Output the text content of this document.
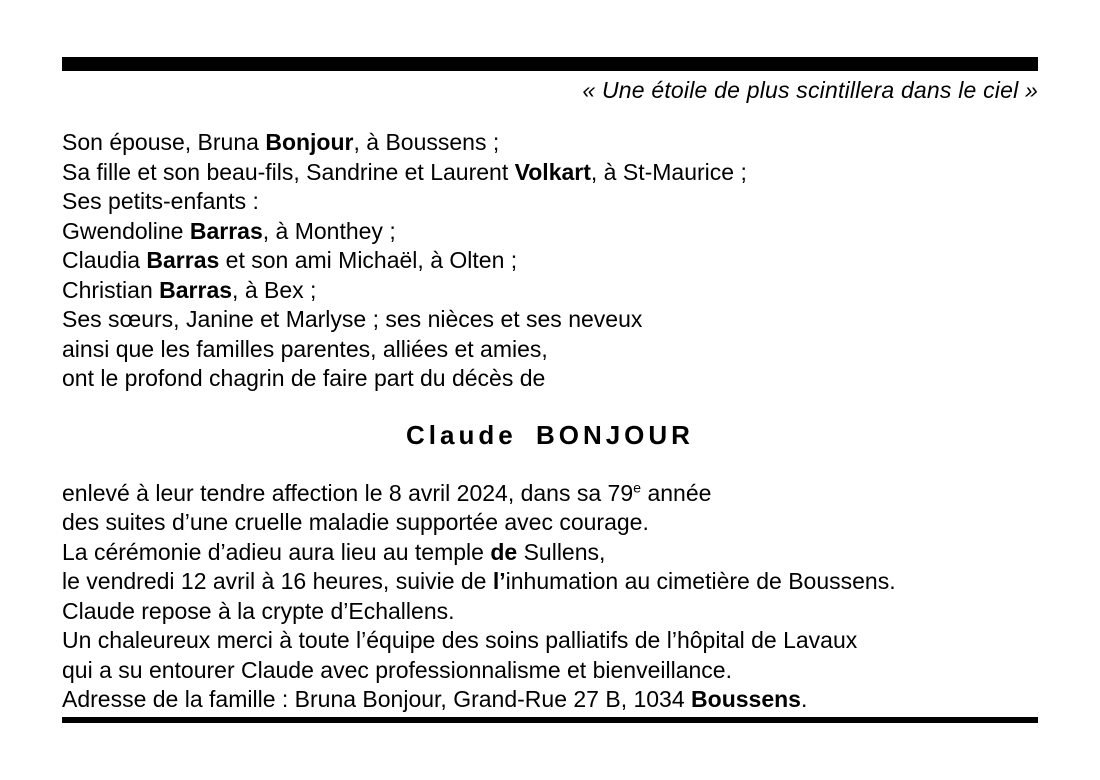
« Une étoile de plus scintillera dans le ciel »
Son épouse, Bruna Bonjour, à Boussens ;
Sa fille et son beau-fils, Sandrine et Laurent Volkart, à St-Maurice ;
Ses petits-enfants :
Gwendoline Barras, à Monthey ;
Claudia Barras et son ami Michaël, à Olten ;
Christian Barras, à Bex ;
Ses sœurs, Janine et Marlyse ; ses nièces et ses neveux
ainsi que les familles parentes, alliées et amies,
ont le profond chagrin de faire part du décès de
Claude BONJOUR
enlevé à leur tendre affection le 8 avril 2024, dans sa 79e année
des suites d’une cruelle maladie supportée avec courage.
La cérémonie d’adieu aura lieu au temple de Sullens,
le vendredi 12 avril à 16 heures, suivie de l’inhumation au cimetière de Boussens.
Claude repose à la crypte d’Echallens.
Un chaleureux merci à toute l’équipe des soins palliatifs de l’hôpital de Lavaux
qui a su entourer Claude avec professionnalisme et bienveillance.
Adresse de la famille : Bruna Bonjour, Grand-Rue 27 B, 1034 Boussens.
